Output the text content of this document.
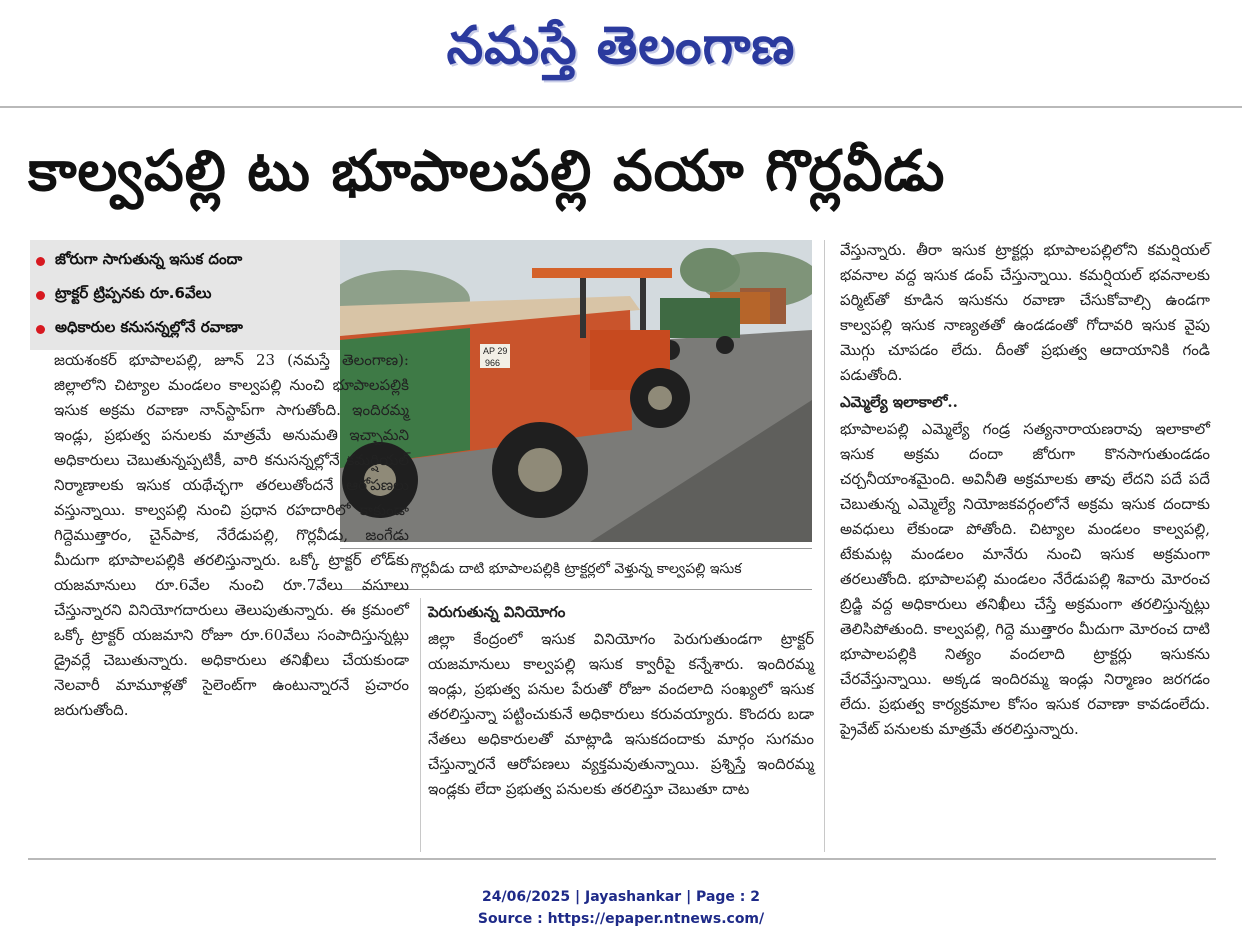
నమస్తే తెలంగాణ
కాల్వపల్లి టు భూపాలపల్లి వయా గొర్లవీడు
జోరుగా సాగుతున్న ఇసుక దందా
ట్రాక్టర్ ట్రిప్పనకు రూ.6వేలు
అధికారుల కనుసన్నల్లోనే రవాణా
AP 29
966
గొర్లవీడు దాటి భూపాలపల్లికి ట్రాక్టర్లలో వెళ్తున్న కాల్వపల్లి ఇసుక

జయశంకర్ భూపాలపల్లి, జూన్ 23 (నమస్తే తెలంగాణ): జిల్లాలోని చిట్యాల మండలం కాల్వపల్లి నుంచి భూపాలపల్లికి ఇసుక అక్రమ రవాణా నాన్‌స్టాప్‌గా సాగుతోంది. ఇందిరమ్మ ఇండ్లు, ప్రభుత్వ పనులకు మాత్రమే అనుమతి ఇచ్చామని అధికారులు చెబుతున్నప్పటికీ, వారి కనుసన్నల్లోనే కమర్షియల్ నిర్మాణాలకు ఇసుక యథేచ్ఛగా తరలుతోందనే ఆరోపణలు వస్తున్నాయి. కాల్వపల్లి నుంచి ప్రధాన రహదారిలో కాకుండా గిద్దెముత్తారం, చైన్‌పాక, నేరేడుపల్లి, గొర్లవీడు, జంగేడు మీదుగా భూపాలపల్లికి తరలిస్తున్నారు. ఒక్కో ట్రాక్టర్ లోడ్‌కు యజమానులు రూ.6వేల నుంచి రూ.7వేలు వసూలు చేస్తున్నారని వినియోగదారులు తెలుపుతున్నారు. ఈ క్రమంలో ఒక్కో ట్రాక్టర్ యజమాని రోజూ రూ.60వేలు సంపాదిస్తున్నట్లు డ్రైవర్లే చెబుతున్నారు. అధికారులు తనిఖీలు చేయకుండా నెలవారీ మామూళ్లతో సైలెంట్‌గా ఉంటున్నారనే ప్రచారం జరుగుతోంది.

పెరుగుతున్న వినియోగం

జిల్లా కేంద్రంలో ఇసుక వినియోగం పెరుగుతుండగా ట్రాక్టర్ యజమానులు కాల్వపల్లి ఇసుక క్వారీపై కన్నేశారు. ఇందిరమ్మ ఇండ్లు, ప్రభుత్వ పనుల పేరుతో రోజూ వందలాది సంఖ్యలో ఇసుక తరలిస్తున్నా పట్టించుకునే అధికారులు కరువయ్యారు. కొందరు బడా నేతలు అధికారులతో మాట్లాడి ఇసుకదందాకు మార్గం సుగమం చేస్తున్నారనే ఆరోపణలు వ్యక్తమవుతున్నాయి. ప్రశ్నిస్తే ఇందిరమ్మ ఇండ్లకు లేదా ప్రభుత్వ పనులకు తరలిస్తూ చెబుతూ దాట

వేస్తున్నారు. తీరా ఇసుక ట్రాక్టర్లు భూపాలపల్లిలోని కమర్షియల్ భవనాల వద్ద ఇసుక డంప్ చేస్తున్నాయి. కమర్షియల్ భవనాలకు పర్మిట్‌తో కూడిన ఇసుకను రవాణా చేసుకోవాల్సి ఉండగా కాల్వపల్లి ఇసుక నాణ్యతతో ఉండడంతో గోదావరి ఇసుక వైపు మొగ్గు చూపడం లేదు. దీంతో ప్రభుత్వ ఆదాయానికి గండి పడుతోంది.

ఎమ్మెల్యే ఇలాకాలో..

భూపాలపల్లి ఎమ్మెల్యే గండ్ర సత్యనారాయణరావు ఇలాకాలో ఇసుక అక్రమ దందా జోరుగా కొనసాగుతుండడం చర్చనీయాంశమైంది. అవినీతి అక్రమాలకు తావు లేదని పదే పదే చెబుతున్న ఎమ్మెల్యే నియోజకవర్గంలోనే అక్రమ ఇసుక దందాకు అవధులు లేకుండా పోతోంది. చిట్యాల మండలం కాల్వపల్లి, టేకుమట్ల మండలం మానేరు నుంచి ఇసుక అక్రమంగా తరలుతోంది. భూపాలపల్లి మండలం నేరేడుపల్లి శివారు మోరంచ బ్రిడ్జి వద్ద అధికారులు తనిఖీలు చేస్తే అక్రమంగా తరలిస్తున్నట్లు తెలిసిపోతుంది. కాల్వపల్లి, గిద్దె ముత్తారం మీదుగా మోరంచ దాటి భూపాలపల్లికి నిత్యం వందలాది ట్రాక్టర్లు ఇసుకను చేరవేస్తున్నాయి. అక్కడ ఇందిరమ్మ ఇండ్లు నిర్మాణం జరగడం లేదు. ప్రభుత్వ కార్యక్రమాల కోసం ఇసుక రవాణా కావడంలేదు. ప్రైవేట్ పనులకు మాత్రమే తరలిస్తున్నారు.

24/06/2025 | Jayashankar | Page : 2
Source : https://epaper.ntnews.com/
